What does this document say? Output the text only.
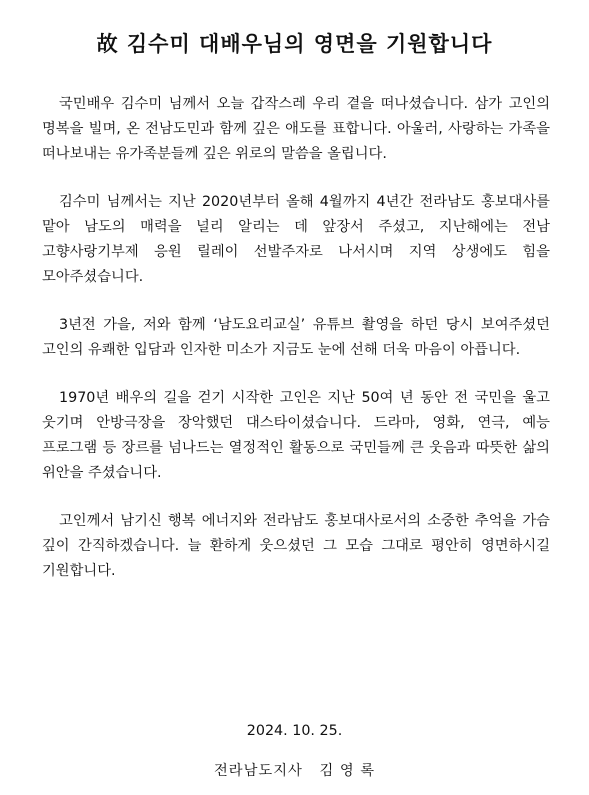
故 김수미 대배우님의 영면을 기원합니다

국민배우 김수미 님께서 오늘 갑작스레 우리 곁을 떠나셨습니다. 삼가 고인의 명복을 빌며, 온 전남도민과 함께 깊은 애도를 표합니다. 아울러, 사랑하는 가족을 떠나보내는 유가족분들께 깊은 위로의 말씀을 올립니다.

김수미 님께서는 지난 2020년부터 올해 4월까지 4년간 전라남도 홍보대사를 맡아 남도의 매력을 널리 알리는 데 앞장서 주셨고, 지난해에는 전남 고향사랑기부제 응원 릴레이 선발주자로 나서시며 지역 상생에도 힘을 모아주셨습니다.

3년전 가을, 저와 함께 ‘남도요리교실’ 유튜브 촬영을 하던 당시 보여주셨던 고인의 유쾌한 입담과 인자한 미소가 지금도 눈에 선해 더욱 마음이 아픕니다.

1970년 배우의 길을 걷기 시작한 고인은 지난 50여 년 동안 전 국민을 울고 웃기며 안방극장을 장악했던 대스타이셨습니다. 드라마, 영화, 연극, 예능 프로그램 등 장르를 넘나드는 열정적인 활동으로 국민들께 큰 웃음과 따뜻한 삶의 위안을 주셨습니다.

고인께서 남기신 행복 에너지와 전라남도 홍보대사로서의 소중한 추억을 가슴 깊이 간직하겠습니다. 늘 환하게 웃으셨던 그 모습 그대로 평안히 영면하시길 기원합니다.

2024. 10. 25.
전라남도지사   김 영 록
